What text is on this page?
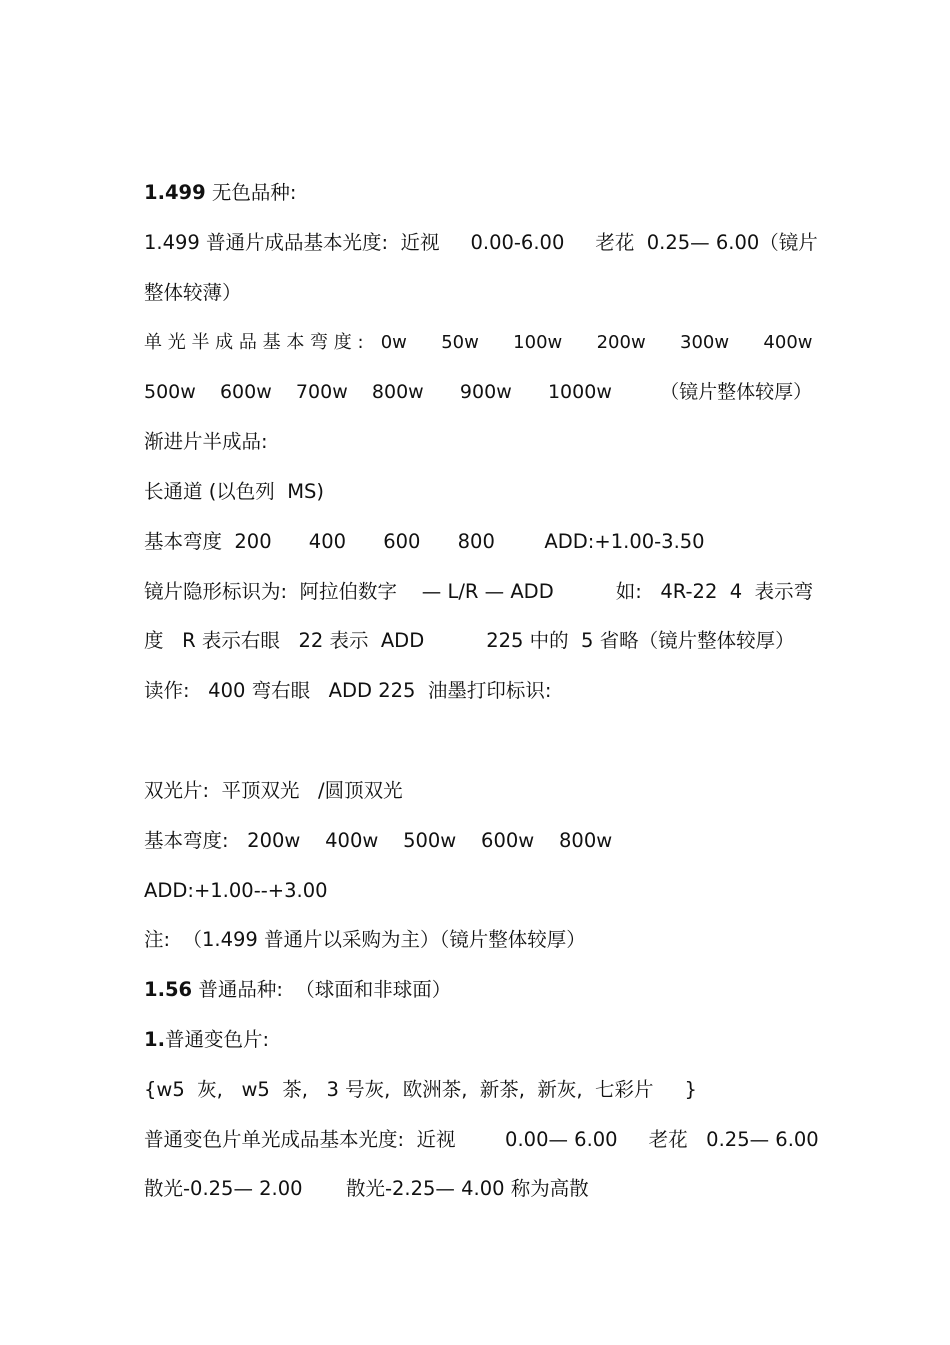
1.499 无色品种:
1.499 普通片成品基本光度:  近视     0.00-6.00     老花  0.25— 6.00（镜片
整体较薄）
单 光 半 成 品 基 本 弯 度 :   0w      50w      100w      200w      300w      400w
500w    600w    700w    800w      900w      1000w        （镜片整体较厚）
渐进片半成品:
长通道 (以色列  MS)
基本弯度  200      400      600      800        ADD:+1.00-3.50
镜片隐形标识为:  阿拉伯数字    — L/R — ADD          如:   4R-22  4  表示弯
度   R 表示右眼   22 表示  ADD          225 中的  5 省略（镜片整体较厚）
读作:   400 弯右眼   ADD 225  油墨打印标识:
双光片:  平顶双光   /圆顶双光
基本弯度:   200w    400w    500w    600w    800w
ADD:+1.00--+3.00
注:  （1.499 普通片以采购为主）（镜片整体较厚）
1.56 普通品种:  （球面和非球面）
1.普通变色片:
{w5  灰,   w5  茶,   3 号灰,  欧洲茶,  新茶,  新灰,  七彩片     }
普通变色片单光成品基本光度:  近视        0.00— 6.00     老花   0.25— 6.00
散光-0.25— 2.00       散光-2.25— 4.00 称为高散
